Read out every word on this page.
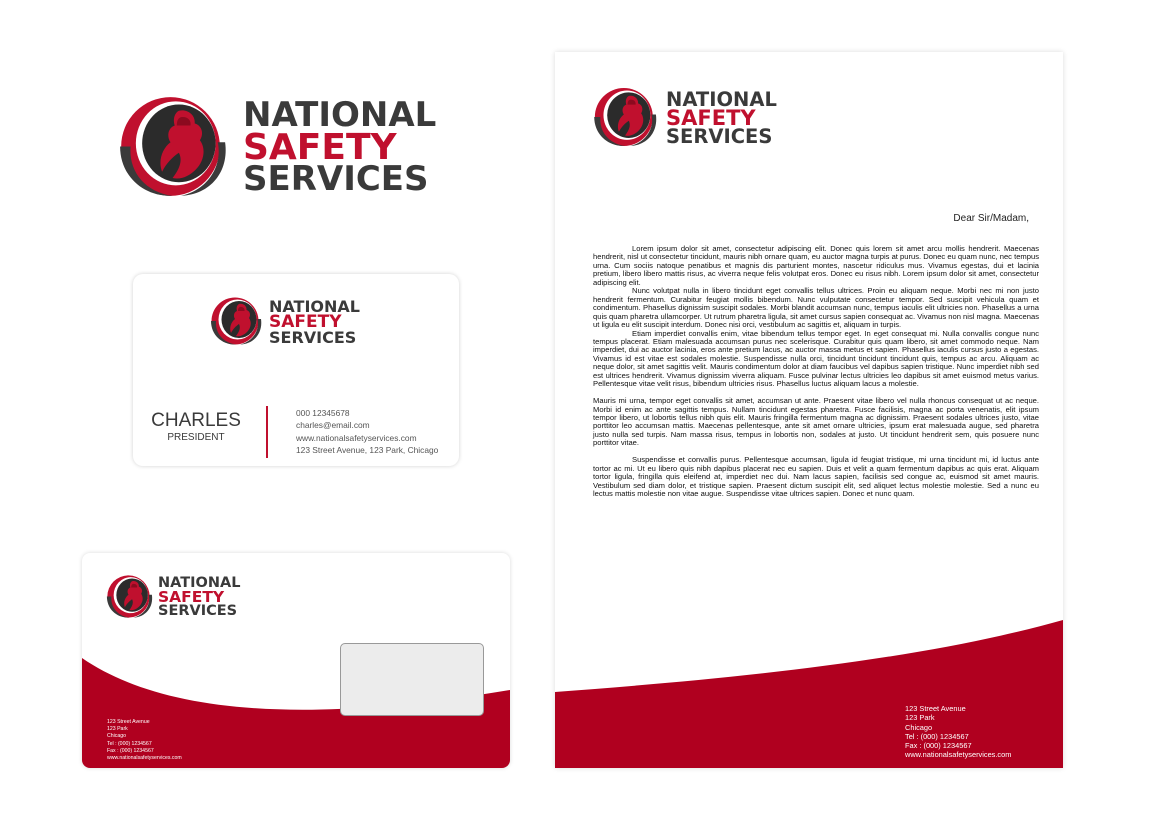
NATIONAL
SAFETY
SERVICES
NATIONAL
SAFETY
SERVICES
CHARLES
PRESIDENT
000 12345678
charles@email.com
www.nationalsafetyservices.com
123 Street Avenue, 123 Park, Chicago
NATIONAL
SAFETY
SERVICES
123 Street Avenue
123 Park
Chicago
Tel : (000) 1234567
Fax : (000) 1234567
www.nationalsafetyservices.com
NATIONAL
SAFETY
SERVICES
Dear Sir/Madam,

Lorem ipsum dolor sit amet, consectetur adipiscing elit. Donec quis lorem sit amet arcu mollis hendrerit. Maecenas hendrerit, nisl ut consectetur tincidunt, mauris nibh ornare quam, eu auctor magna turpis at purus. Donec eu quam nunc, nec tempus urna. Cum sociis natoque penatibus et magnis dis parturient montes, nascetur ridiculus mus. Vivamus egestas, dui et lacinia pretium, libero libero mattis risus, ac viverra neque felis volutpat eros. Donec eu risus nibh. Lorem ipsum dolor sit amet, consectetur adipiscing elit.

Nunc volutpat nulla in libero tincidunt eget convallis tellus ultrices. Proin eu aliquam neque. Morbi nec mi non justo hendrerit fermentum. Curabitur feugiat mollis bibendum. Nunc vulputate consectetur tempor. Sed suscipit vehicula quam et condimentum. Phasellus dignissim suscipit sodales. Morbi blandit accumsan nunc, tempus iaculis elit ultricies non. Phasellus a urna quis quam pharetra ullamcorper. Ut rutrum pharetra ligula, sit amet cursus sapien consequat ac. Vivamus non nisl magna. Maecenas ut ligula eu elit suscipit interdum. Donec nisi orci, vestibulum ac sagittis et, aliquam in turpis.

Etiam imperdiet convallis enim, vitae bibendum tellus tempor eget. In eget consequat mi. Nulla convallis congue nunc tempus placerat. Etiam malesuada accumsan purus nec scelerisque. Curabitur quis quam libero, sit amet commodo neque. Nam imperdiet, dui ac auctor lacinia, eros ante pretium lacus, ac auctor massa metus et sapien. Phasellus iaculis cursus justo a egestas. Vivamus id est vitae est sodales molestie. Suspendisse nulla orci, tincidunt tincidunt tincidunt quis, tempus ac arcu. Aliquam ac neque dolor, sit amet sagittis velit. Mauris condimentum dolor at diam faucibus vel dapibus sapien tristique. Nunc imperdiet nibh sed est ultrices hendrerit. Vivamus dignissim viverra aliquam. Fusce pulvinar lectus ultricies leo dapibus sit amet euismod metus varius. Pellentesque vitae velit risus, bibendum ultricies risus. Phasellus luctus aliquam lacus a molestie.

Mauris mi urna, tempor eget convallis sit amet, accumsan ut ante. Praesent vitae libero vel nulla rhoncus consequat ut ac neque. Morbi id enim ac ante sagittis tempus. Nullam tincidunt egestas pharetra. Fusce facilisis, magna ac porta venenatis, elit ipsum tempor libero, ut lobortis tellus nibh quis elit. Mauris fringilla fermentum magna ac dignissim. Praesent sodales ultrices justo, vitae porttitor leo accumsan mattis. Maecenas pellentesque, ante sit amet ornare ultricies, ipsum erat malesuada augue, sed pharetra justo nulla sed turpis. Nam massa risus, tempus in lobortis non, sodales at justo. Ut tincidunt hendrerit sem, quis posuere nunc porttitor vitae.

Suspendisse et convallis purus. Pellentesque accumsan, ligula id feugiat tristique, mi urna tincidunt mi, id luctus ante tortor ac mi. Ut eu libero quis nibh dapibus placerat nec eu sapien. Duis et velit a quam fermentum dapibus ac quis erat. Aliquam tortor ligula, fringilla quis eleifend at, imperdiet nec dui. Nam lacus sapien, facilisis sed congue ac, euismod sit amet mauris. Vestibulum sed diam dolor, et tristique sapien. Praesent dictum suscipit elit, sed aliquet lectus molestie molestie. Sed a nunc eu lectus mattis molestie non vitae augue. Suspendisse vitae ultrices sapien. Donec et nunc quam.

123 Street Avenue
123 Park
Chicago
Tel : (000) 1234567
Fax : (000) 1234567
www.nationalsafetyservices.com
